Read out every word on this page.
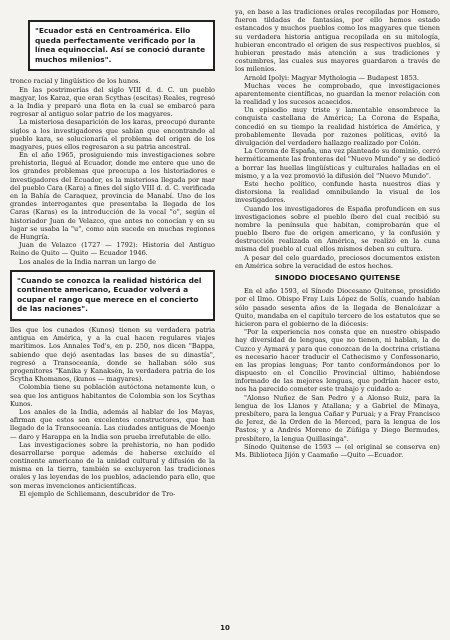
"Ecuador está en Centroamérica. Ello queda perfectamente verificado por la línea equinoccial. Así se conoció durante muchos milenios".

tronco racial y lingüístico de los hunos.

En las postrimerías del siglo VIII d. d. C. un pueblo magyar, los Karaz, que eran Scythas (escitas) Reales, regresó a la India y preparó una flota en la cual se embarcó para regresar al antiguo solar patrio de los magyares.

La misteriosa desaparición de los karas, preocupó durante siglos a los investigadores que sabían que encontrando al pueblo kara, se solucionaría el problema del origen de los magyares, pues ellos regresaron a su patria ancestral.

En el año 1965, prosiguiendo mis investigaciones sobre prehistoria, llegué al Ecuador, donde me entere que uno de los grandes problemas que preocupa a los historiadores e investigadores del Ecuador, es la misteriosa llegada por mar del pueblo Cara (Kara) a fines del siglo VIII d. d. C. verificada en la Bahía de Caraquez, provincia de Manabí. Uno de los grandes interrogantes que presentaba la llegada de los Caras (Karas) es la introducción de la vocal "o", según el historiador Juan de Velazco, que antes no conocían y en su lugar se usaba la "u", como aún sucede en muchas regiones de Hungría.

Juan de Velazco (1727 — 1792): Historia del Antiguo Reino de Quito — Quito — Ecuador 1946.

Los anales de la India narran un largo de

"Cuando se conozca la realidad histórica del continente americano, Ecuador volverá a ocupar el rango que merece en el concierto de las naciones".

lles que los cunados (Kunos) tienen su verdadera patria antigua en América, y a la cual hacen regulares viajes marítimos. Los Annales Tod's, en p. 250, nos dicen "Bappa, sabiendo que dejó asentadas las bases de su dinastía", regresó a Transoceanía, donde se hallaban sólo sus progenitores "Kanika y Kanaksén, la verdadera patria de los Scytha Khomanos, (kunos — magyares).

Colombia tiene su población autóctona netamente kun, o sea que los antiguos habitantes de Colombia son los Scythas Kunos.

Los anales de la India, además al hablar de los Mayas, afirman que estos son excelentes constructores, que han llegado de la Transoceanía. Las ciudades antiguas de Moenjo — daro y Harappa en la India son prueba irrefutable de ello.

Las investigaciones sobre la prehistoria, no han podido desarrollarse porque además de haberse excluído el continente americano de la unidad cultural y difusión de la misma en la tierra, también se excluyeron las tradiciones orales y las leyendas de los pueblos, adaciendo para ello, que son meras invenciones anticientíficas.

El ejemplo de Schliemann, descubridor de Tro-

ya, en base a las tradiciones orales recopiladas por Homero, fueron tildadas de fantasías, por ello hemos estado estancados y muchos pueblos como los magyares que tienen su verdadera historia antigua recopilada en su mitología, hubieran encontrado el origen de sus respectivos pueblos, si hubieran prestado más atención a sus tradiciones y costumbres, las cuales sus mayores guardaron a través de los milenios.

Arnold Ipolyi: Magyar Mythologia — Budapest 1853.

Muchas veces he comprobado, que investigaciones aparentemente científicas, no guardan la menor relación con la realidad y los sucesos acaecidos.

Un episodio muy triste y lamentable ensombrece la conquista castellana de América; La Corona de España, concedió en su tiempo la realidad histórica de América, y probablemente llevada por razones políticas, evitó la divulgación del verdadero hallazgo realizado por Colón.

La Corona de España, una vez planteado su dominio, cerró herméticamente las fronteras del "Nuevo Mundo" y se dedicó a borrar las huellas lingüísticas y culturales halladas en el mismo, y a la vez promovió la difusión del "Nuevo Mundo".

Este hecho político, confunde hasta nuestros días y distorsiona la realidad omnibulando la visual de los investigadores.

Cuando los investigadores de España profundicen en sus investigaciones sobre el pueblo íbero del cual recibió su nombre la península que habitan, comprobarán que el pueblo Ibero fue de origen americano, y la confusión y destrucción realizada en América, se realizó en la cuna misma del pueblo al cual ellos mismos deben su cultura.

A pesar del celo guardado, preciosos documentos existen en América sobre la veracidad de estos hechos.

SINODO DIOCESANO QUITENSE

En el año 1593, el Sínodo Diocesano Quitense, presidido por el Ilmo. Obispo Fray Luis López de Solís, cuando habían sólo pasado sesenta años de la llegada de Benalcázar a Quito, mandaba en el capítulo tercero de los estatutos que se hicieron para el gobierno de la diócesis:

"Por la experiencia nos consta que en nuestro obispado hay diversidad de lenguas, que no tienen, ni hablan, la de Cuzco y Aymará y para que conozcan de la doctrina cristiana es necesario hacer traducir el Cathecismo y Confessonario, en las propias lenguas; Por tanto conformándonos por lo dispuesto en el Concilio Provincial último, habiéndose informado de las mejores lenguas, que podrían hacer esto, nos ha parecido cometer este trabajo y cuidado a:

"Alonso Nuñez de San Pedro y a Alonso Ruiz, para la lengua de los Llanos y Atallana; y a Gabriel de Minaya, presbítero, para la lengua Cañar y Puruai; y a Fray Francisco de Jerez, de la Orden de la Merced, para la lengua de los Pastos; y a Andrés Moreno de Zúñiga y Diego Bermudes, presbítero, la lengua Quillasinga".

Sínodo Quitense de 1593 — (el original se conserva en) Ms. Biblioteca Jijón y Caamaño —Quito —Ecuador.

10
